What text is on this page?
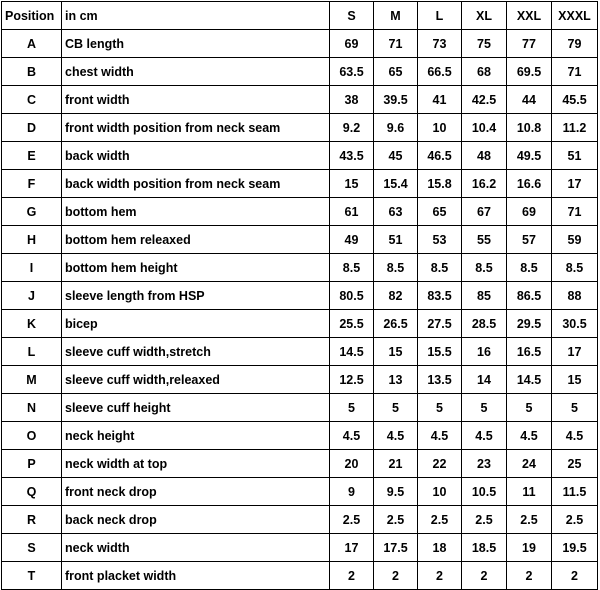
Position	in cm	S	M	L	XL	XXL	XXXL
A	CB length	69	71	73	75	77	79
B	chest width	63.5	65	66.5	68	69.5	71
C	front width	38	39.5	41	42.5	44	45.5
D	front width position from neck seam	9.2	9.6	10	10.4	10.8	11.2
E	back width	43.5	45	46.5	48	49.5	51
F	back width position from neck seam	15	15.4	15.8	16.2	16.6	17
G	bottom hem	61	63	65	67	69	71
H	bottom hem releaxed	49	51	53	55	57	59
I	bottom hem height	8.5	8.5	8.5	8.5	8.5	8.5
J	sleeve length from HSP	80.5	82	83.5	85	86.5	88
K	bicep	25.5	26.5	27.5	28.5	29.5	30.5
L	sleeve cuff width,stretch	14.5	15	15.5	16	16.5	17
M	sleeve cuff width,releaxed	12.5	13	13.5	14	14.5	15
N	sleeve cuff height	5	5	5	5	5	5
O	neck height	4.5	4.5	4.5	4.5	4.5	4.5
P	neck width at top	20	21	22	23	24	25
Q	front neck drop	9	9.5	10	10.5	11	11.5
R	back neck drop	2.5	2.5	2.5	2.5	2.5	2.5
S	neck width	17	17.5	18	18.5	19	19.5
T	front placket width	2	2	2	2	2	2
